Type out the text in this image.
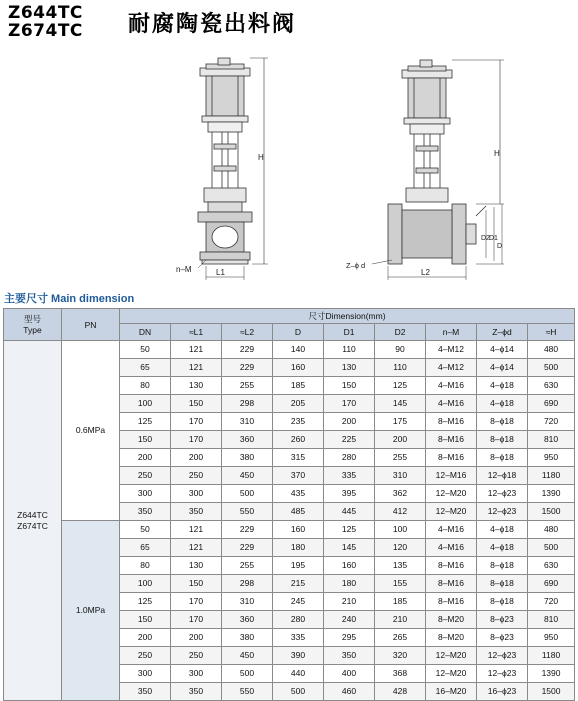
Z644TC
Z674TC 耐腐陶瓷出料阀
H
L1
n–M
D2 D1
D
H
Z–ϕ d
L2
主要尺寸 Main dimension
型号
Type	PN	尺寸Dimension(mm)								
		DN	≈L1	≈L2	D	D1	D2	n–M	Z–ϕd	≈H
Z644TC
Z674TC	0.6MPa	50	121	229	140	110	90	4–M12	4–ϕ14	480
		65	121	229	160	130	110	4–M12	4–ϕ14	500
		80	130	255	185	150	125	4–M16	4–ϕ18	630
		100	150	298	205	170	145	4–M16	4–ϕ18	690
		125	170	310	235	200	175	8–M16	8–ϕ18	720
		150	170	360	260	225	200	8–M16	8–ϕ18	810
		200	200	380	315	280	255	8–M16	8–ϕ18	950
		250	250	450	370	335	310	12–M16	12–ϕ18	1180
		300	300	500	435	395	362	12–M20	12–ϕ23	1390
		350	350	550	485	445	412	12–M20	12–ϕ23	1500
	1.0MPa	50	121	229	160	125	100	4–M16	4–ϕ18	480
		65	121	229	180	145	120	4–M16	4–ϕ18	500
		80	130	255	195	160	135	8–M16	8–ϕ18	630
		100	150	298	215	180	155	8–M16	8–ϕ18	690
		125	170	310	245	210	185	8–M16	8–ϕ18	720
		150	170	360	280	240	210	8–M20	8–ϕ23	810
		200	200	380	335	295	265	8–M20	8–ϕ23	950
		250	250	450	390	350	320	12–M20	12–ϕ23	1180
		300	300	500	440	400	368	12–M20	12–ϕ23	1390
		350	350	550	500	460	428	16–M20	16–ϕ23	1500
